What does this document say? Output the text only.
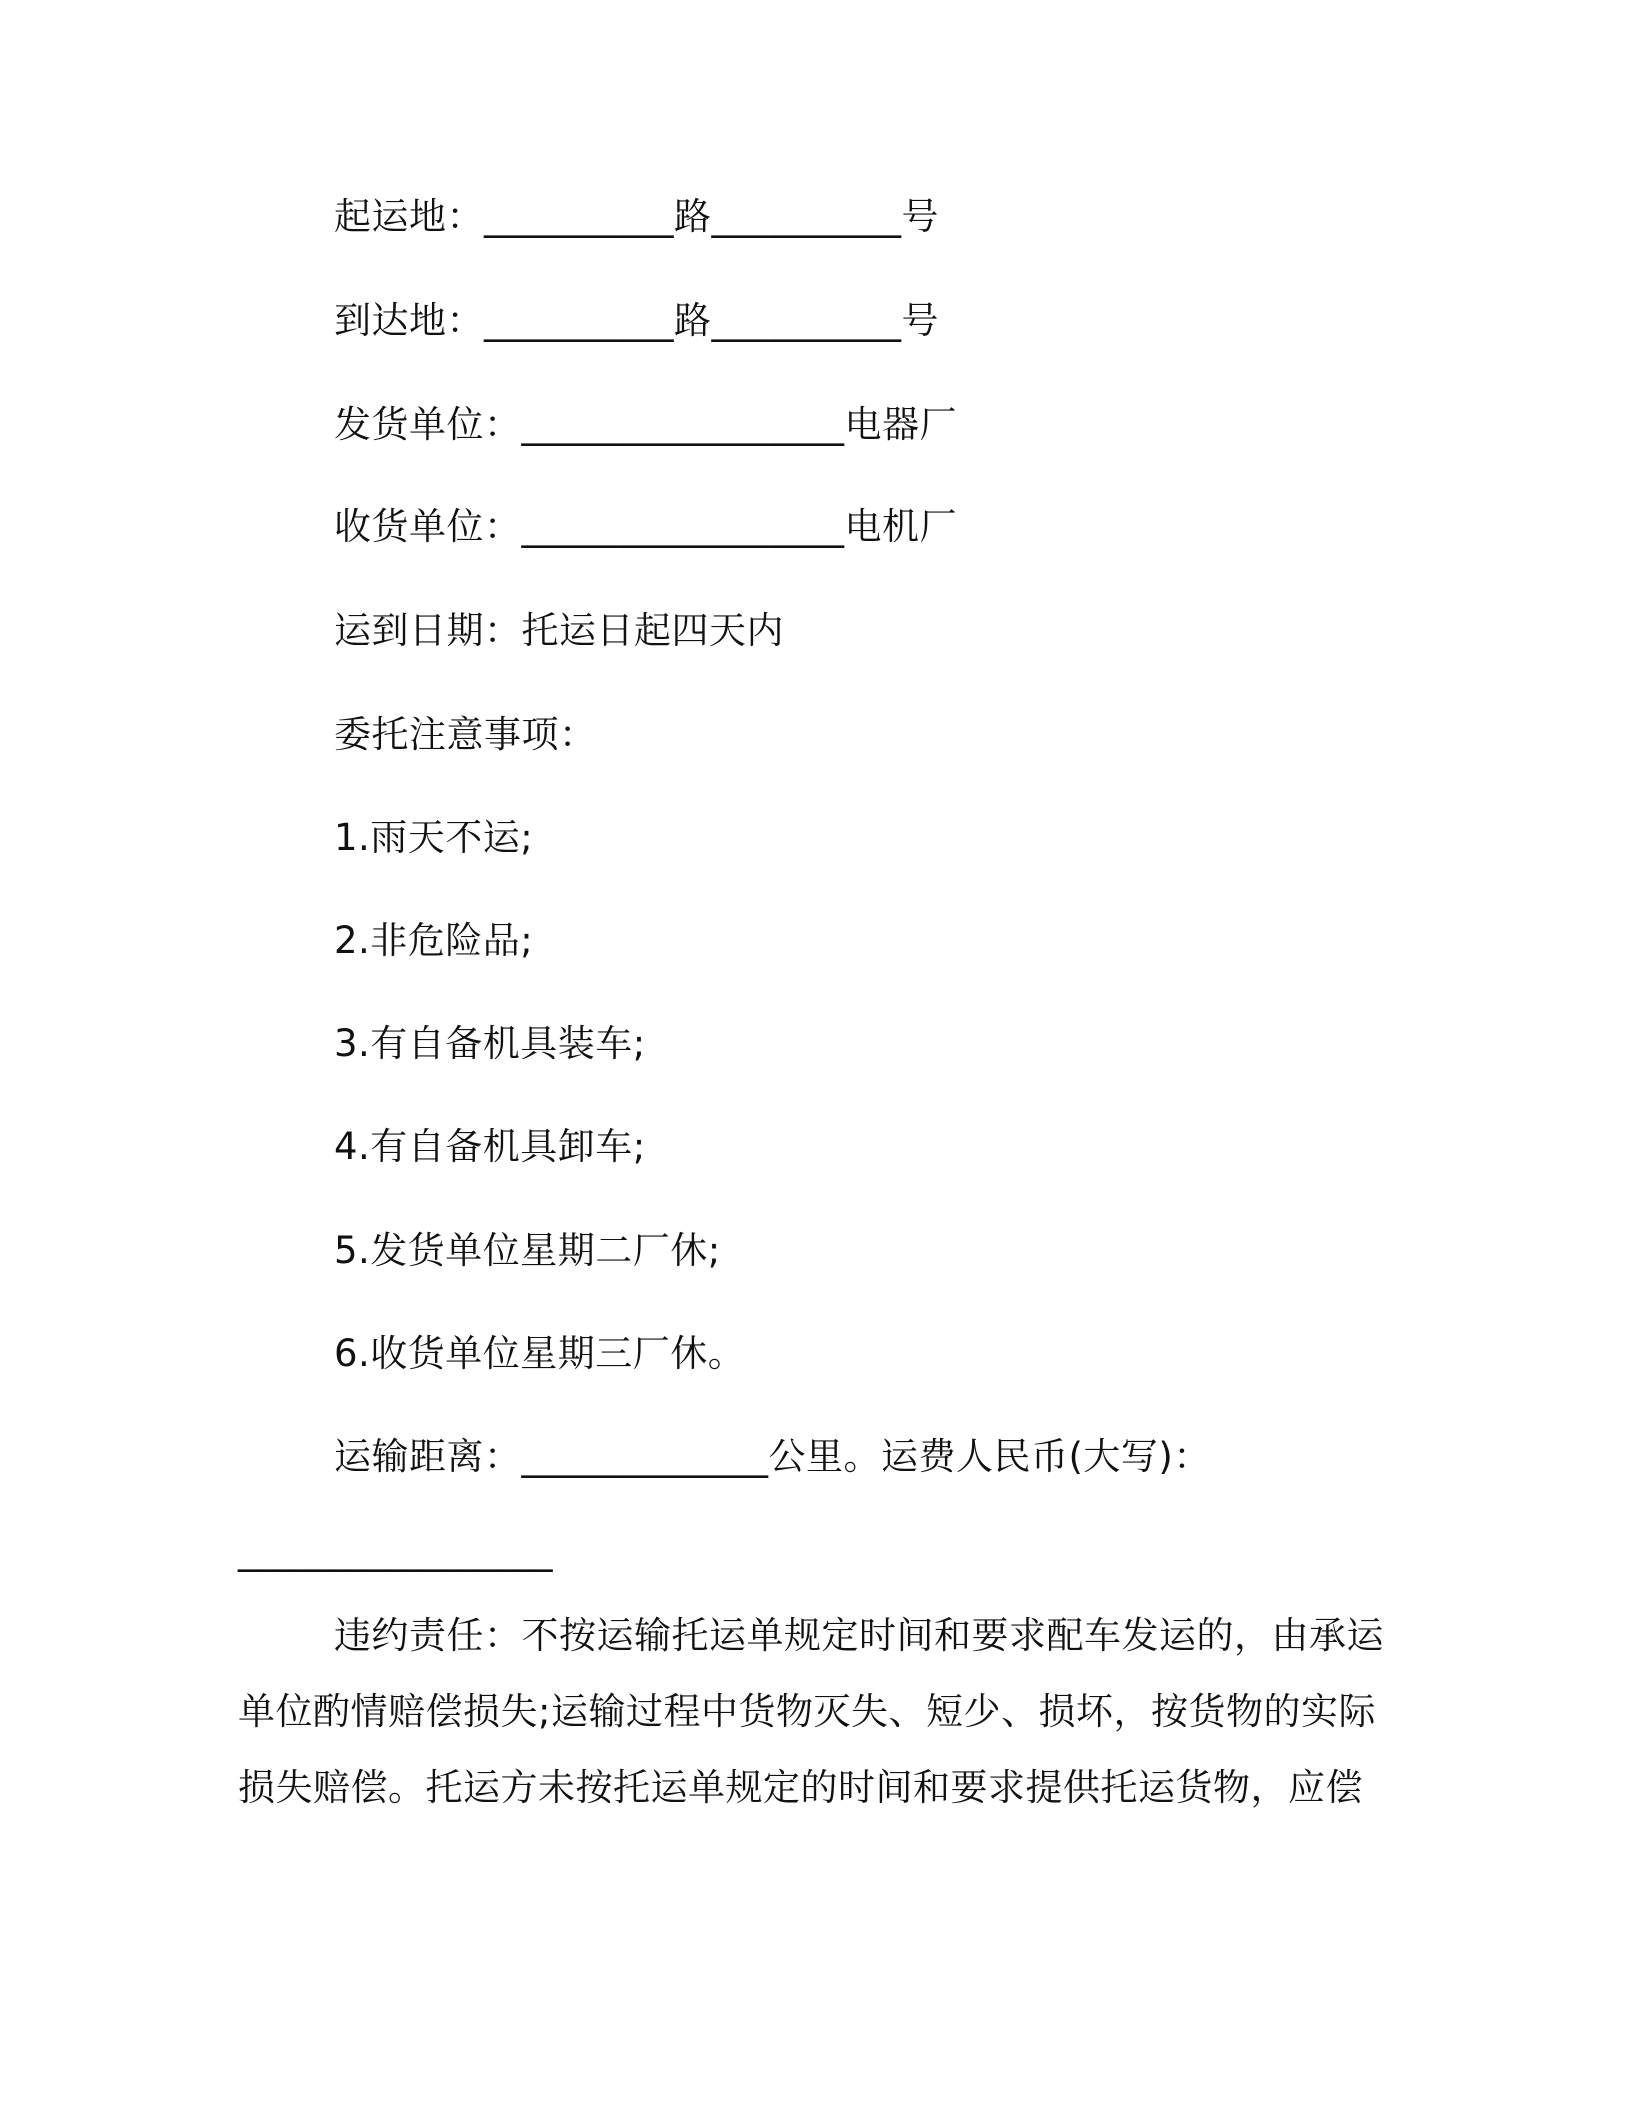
起运地：__________路__________号
到达地：__________路__________号
发货单位：_________________电器厂
收货单位：_________________电机厂
运到日期：托运日起四天内
委托注意事项：
1.雨天不运;
2.非危险品;
3.有自备机具装车;
4.有自备机具卸车;
5.发货单位星期二厂休;
6.收货单位星期三厂休。
运输距离：_____________公里。运费人民币(大写)：
_________________
违约责任：不按运输托运单规定时间和要求配车发运的，由承运单位酌情赔偿损失;运输过程中货物灭失、短少、损坏，按货物的实际损失赔偿。托运方未按托运单规定的时间和要求提供托运货物，应偿
